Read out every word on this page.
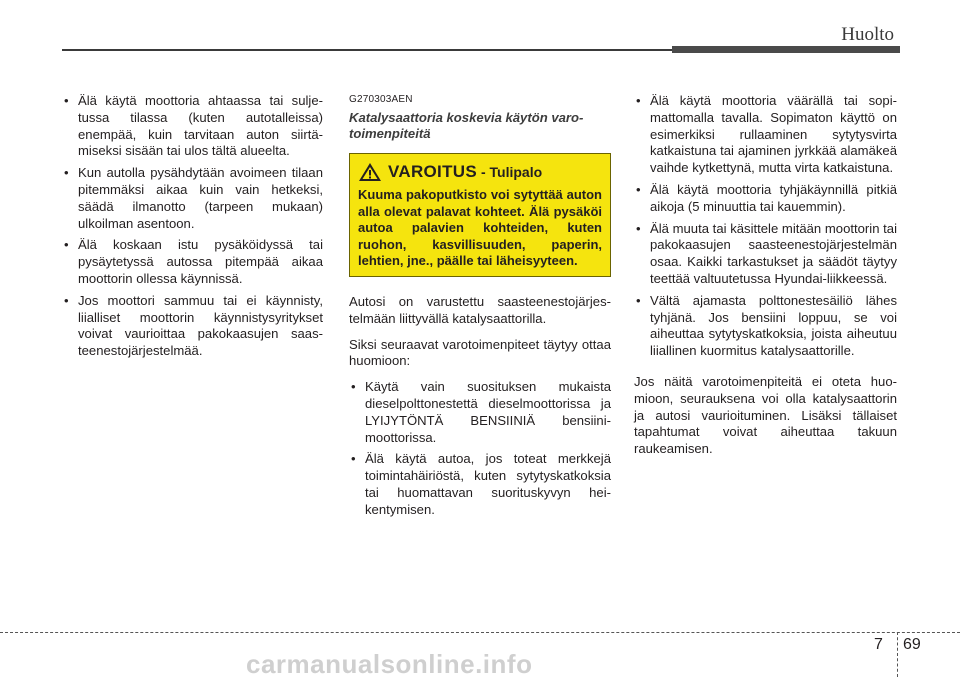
Huolto
• Älä käytä moottoria ahtaassa tai suljetussa tilassa (kuten autotalleissa) enempää, kuin tarvitaan auton siirtämiseksi sisään tai ulos tältä alueelta.
• Kun autolla pysähdytään avoimeen tilaan pitemmäksi aikaa kuin vain hetkeksi, säädä ilmanotto (tarpeen mukaan) ulkoilman asentoon.
• Älä koskaan istu pysäköidyssä tai pysäytetyssä autossa pitempää aikaa moottorin ollessa käynnissä.
• Jos moottori sammuu tai ei käynnisty, liialliset moottorin käynnistysyritykset voivat vaurioittaa pakokaasujen saasteenestojärjestelmää.
G270303AEN
Katalysaattoria koskevia käytön varotoimenpiteitä
VAROITUS - Tulipalo
Kuuma pakoputkisto voi sytyttää auton alla olevat palavat kohteet. Älä pysäköi autoa palavien kohteiden, kuten ruohon, kasvillisuuden, paperin, lehtien, jne., päälle tai läheisyyteen.

Autosi on varustettu saasteenestojärjestelmään liittyvällä katalysaattorilla.

Siksi seuraavat varotoimenpiteet täytyy ottaa huomioon:

• Käytä vain suosituksen mukaista dieselpolttonestettä dieselmoottorissa ja LYIJYTÖNTÄ BENSIINIÄ bensiinimoottorissa.
• Älä käytä autoa, jos toteat merkkejä toimintahäiriöstä, kuten sytytyskatkoksia tai huomattavan suorituskyvyn heikentymisen.
• Älä käytä moottoria väärällä tai sopimattomalla tavalla. Sopimaton käyttö on esimerkiksi rullaaminen sytytysvirta katkaistuna tai ajaminen jyrkkää alamäkeä vaihde kytkettynä, mutta virta katkaistuna.
• Älä käytä moottoria tyhjäkäynnillä pitkiä aikoja (5 minuuttia tai kauemmin).
• Älä muuta tai käsittele mitään moottorin tai pakokaasujen saasteenestojärjestelmän osaa. Kaikki tarkastukset ja säädöt täytyy teettää valtuutetussa Hyundai-liikkeessä.
• Vältä ajamasta polttonestesäiliö lähes tyhjänä. Jos bensiini loppuu, se voi aiheuttaa sytytyskatkoksia, joista aiheutuu liiallinen kuormitus katalysaattorille.

Jos näitä varotoimenpiteitä ei oteta huomioon, seurauksena voi olla katalysaattorin ja autosi vaurioituminen. Lisäksi tällaiset tapahtumat voivat aiheuttaa takuun raukeamisen.

7 69
carmanualsonline.info
